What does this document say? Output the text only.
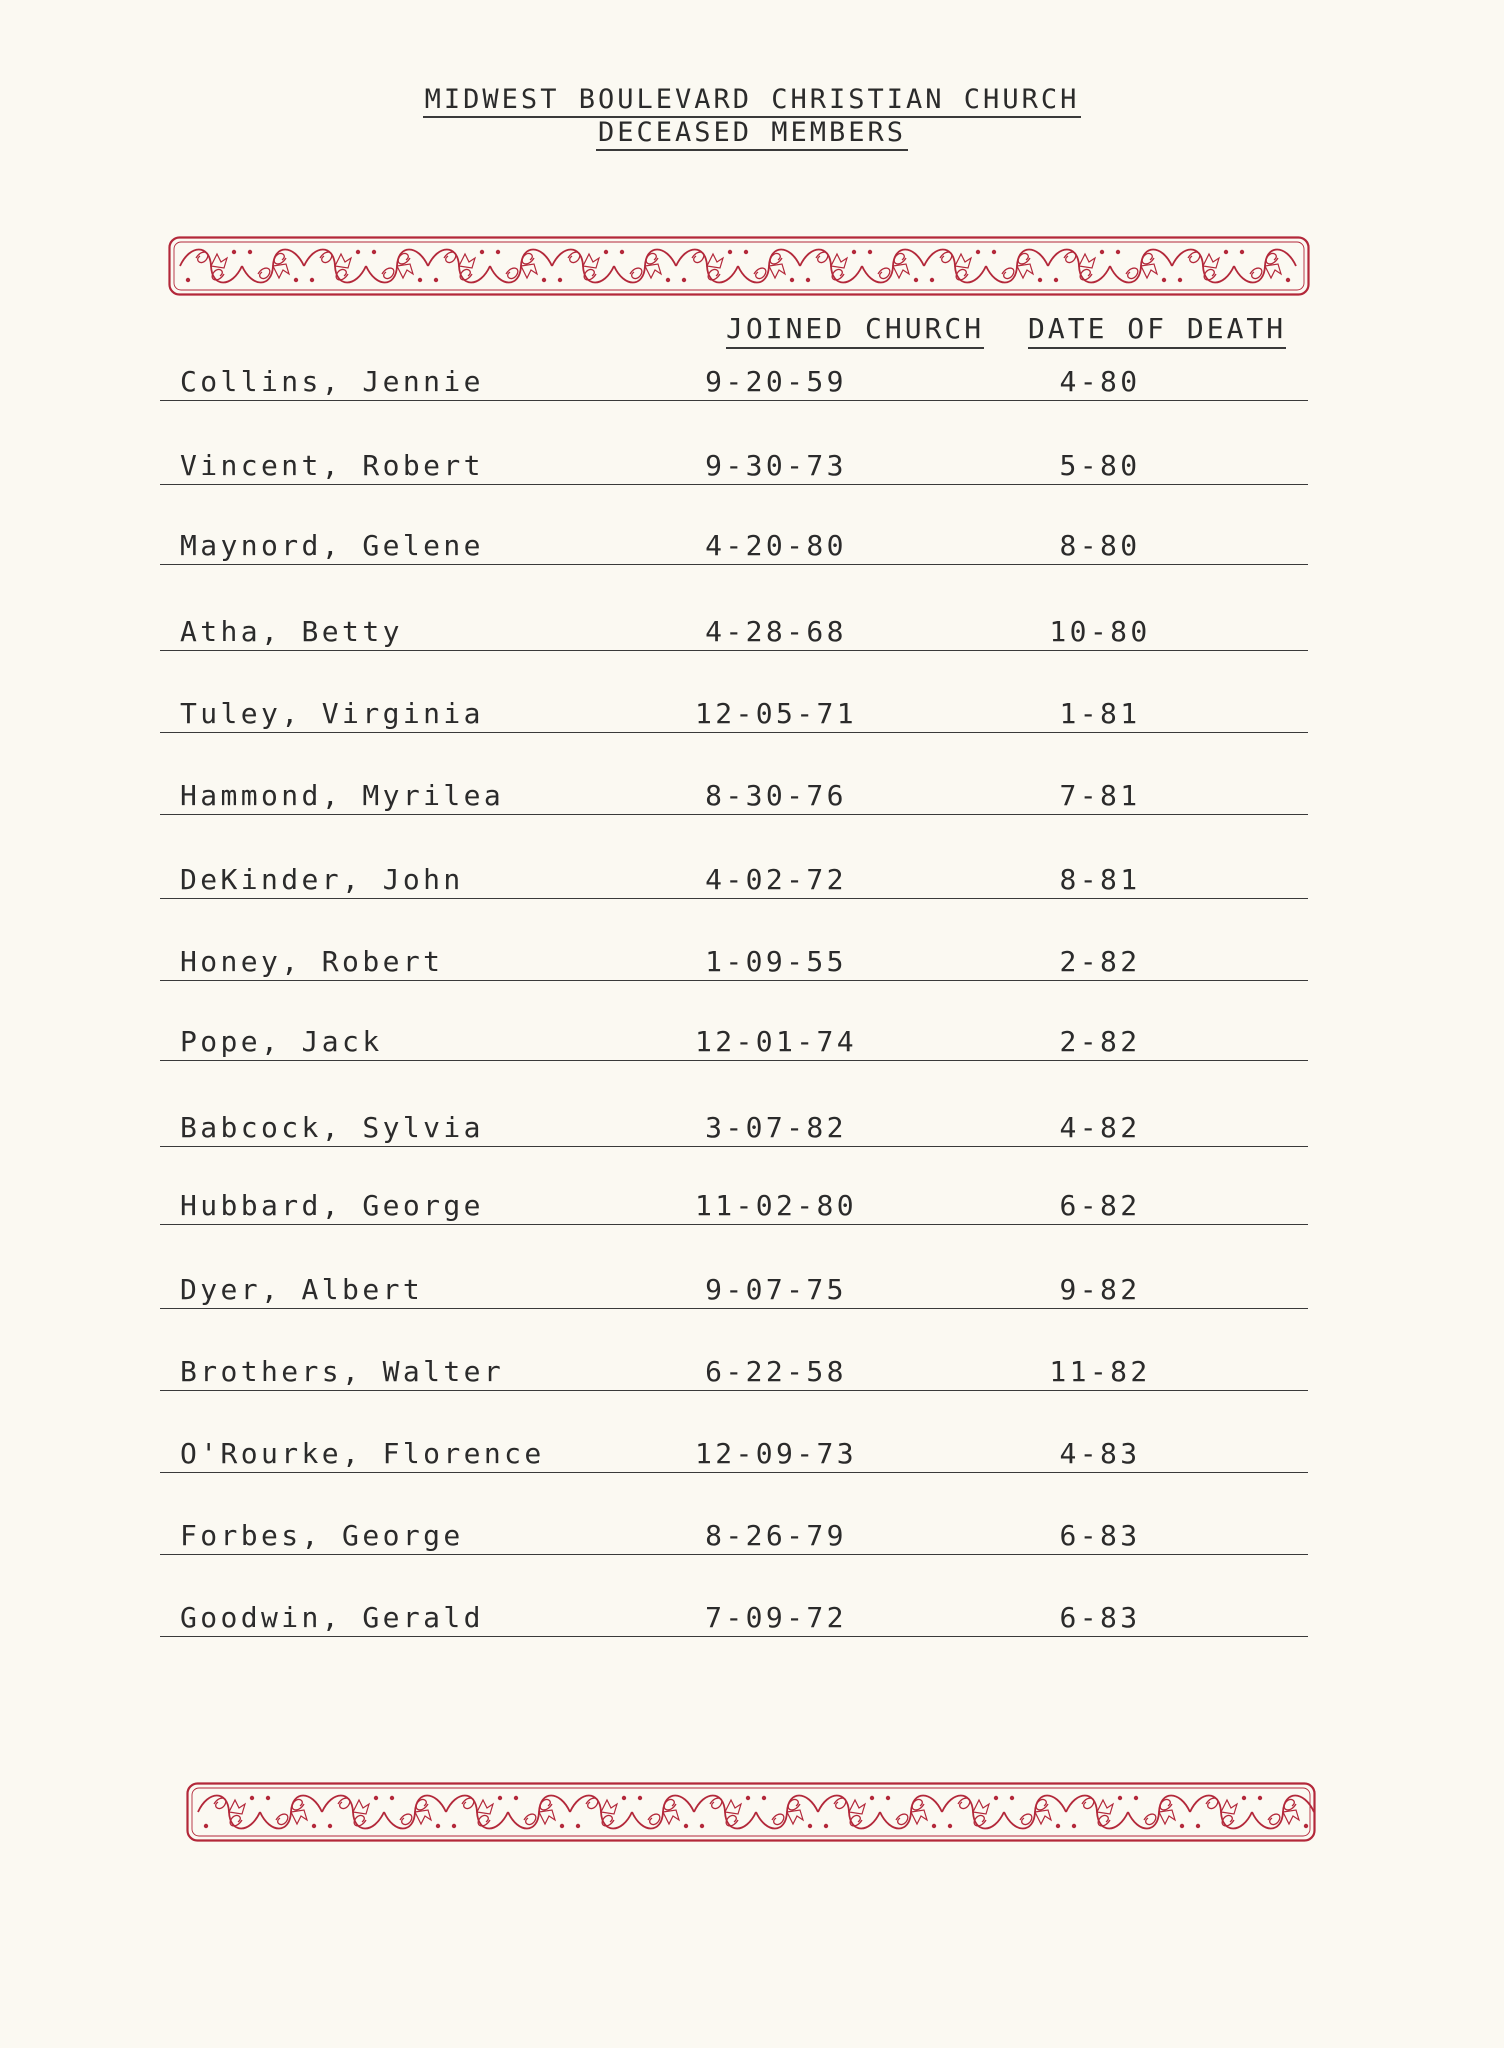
MIDWEST BOULEVARD CHRISTIAN CHURCH
DECEASED MEMBERS
JOINED CHURCH DATE OF DEATH
Collins, Jennie	9-20-59	4-80
Vincent, Robert	9-30-73	5-80
Maynord, Gelene	4-20-80	8-80
Atha, Betty	4-28-68	10-80
Tuley, Virginia	12-05-71	1-81
Hammond, Myrilea	8-30-76	7-81
DeKinder, John	4-02-72	8-81
Honey, Robert	1-09-55	2-82
Pope, Jack	12-01-74	2-82
Babcock, Sylvia	3-07-82	4-82
Hubbard, George	11-02-80	6-82
Dyer, Albert	9-07-75	9-82
Brothers, Walter	6-22-58	11-82
O'Rourke, Florence	12-09-73	4-83
Forbes, George	8-26-79	6-83
Goodwin, Gerald	7-09-72	6-83
